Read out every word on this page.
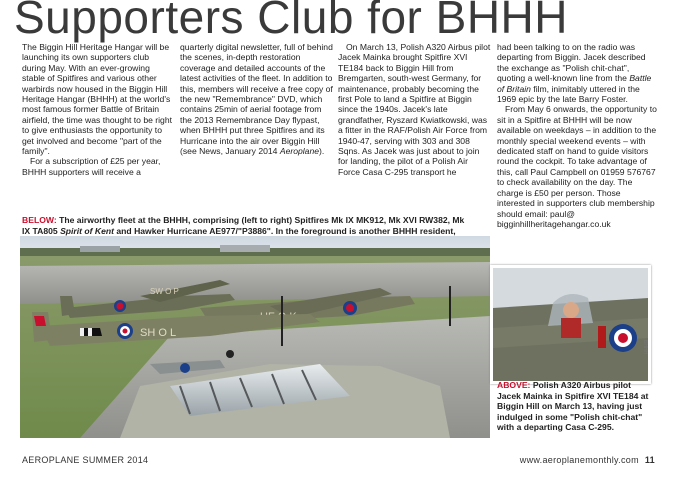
Supporters Club for BHHH

The Biggin Hill Heritage Hangar will be launching its own supporters club during May. With an ever-growing stable of Spitfires and various other warbirds now housed in the Biggin Hill Heritage Hangar (BHHH) at the world's most famous former Battle of Britain airfield, the time was thought to be right to give enthusiasts the opportunity to get involved and become "part of the family".

For a subscription of £25 per year, BHHH supporters will receive a

quarterly digital newsletter, full of behind the scenes, in-depth restoration coverage and detailed accounts of the latest activities of the fleet. In addition to this, members will receive a free copy of the new "Remembrance" DVD, which contains 25min of aerial footage from the 2013 Remembrance Day flypast, when BHHH put three Spitfires and its Hurricane into the air over Biggin Hill (see News, January 2014 Aeroplane).

On March 13, Polish A320 Airbus pilot Jacek Mainka brought Spitfire XVI TE184 back to Biggin Hill from Bremgarten, south-west Germany, for maintenance, probably becoming the first Pole to land a Spitfire at Biggin since the 1940s. Jacek's late grandfather, Ryszard Kwiatkowski, was a fitter in the RAF/Polish Air Force from 1940-47, serving with 303 and 308 Sqns. As Jacek was just about to join for landing, the pilot of a Polish Air Force Casa C-295 transport he

had been talking to on the radio was departing from Biggin. Jacek described the exchange as "Polish chit-chat", quoting a well-known line from the Battle of Britain film, inimitably uttered in the 1969 epic by the late Barry Foster.

From May 6 onwards, the opportunity to sit in a Spitfire at BHHH will be now available on weekdays – in addition to the monthly special weekend events – with dedicated staff on hand to guide visitors round the cockpit. To take advantage of this, call Paul Campbell on 01959 576767 to check availability on the day. The charge is £50 per person. Those interested in supporters club membership should email: paul@ bigginhillheritagehangar.co.uk

BELOW: The airworthy fleet at the BHHH, comprising (left to right) Spitfires Mk IX MK912, Mk XVI RW382, Mk IX TA805 Spirit of Kent and Hawker Hurricane AE977/"P3886". In the foreground is another BHHH resident,
SH O L
SW O P
BHHH
ABOVE: Polish A320 Airbus pilot Jacek Mainka in Spitfire XVI TE184 at Biggin Hill on March 13, having just indulged in some "Polish chit-chat" with a departing Casa C-295.
AEROPLANE SUMMER 2014	www.aeroplanemonthly.com 11
